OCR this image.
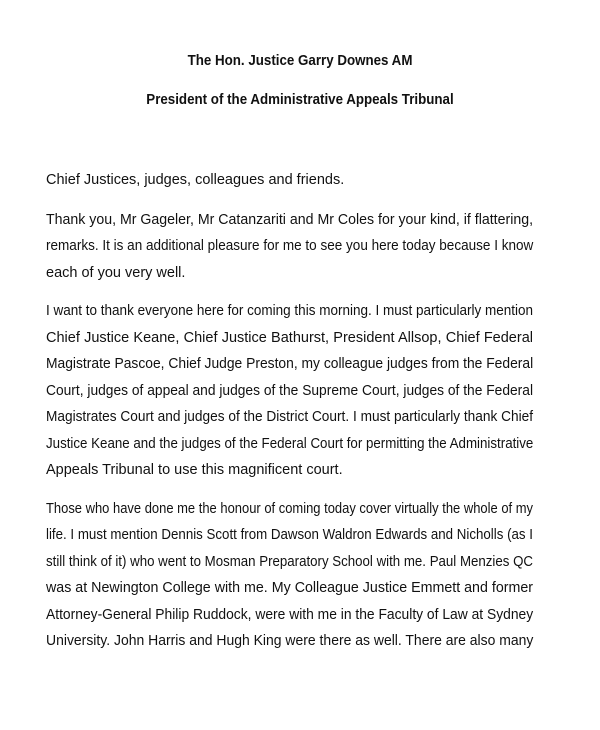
The Hon. Justice Garry Downes AM
President of the Administrative Appeals Tribunal
Chief Justices, judges, colleagues and friends.
Thank you, Mr Gageler, Mr Catanzariti and Mr Coles for your kind, if flattering,
remarks. It is an additional pleasure for me to see you here today because I know
each of you very well.
I want to thank everyone here for coming this morning. I must particularly mention
Chief Justice Keane, Chief Justice Bathurst, President Allsop, Chief Federal
Magistrate Pascoe, Chief Judge Preston, my colleague judges from the Federal
Court, judges of appeal and judges of the Supreme Court, judges of the Federal
Magistrates Court and judges of the District Court. I must particularly thank Chief
Justice Keane and the judges of the Federal Court for permitting the Administrative
Appeals Tribunal to use this magnificent court.
Those who have done me the honour of coming today cover virtually the whole of my
life. I must mention Dennis Scott from Dawson Waldron Edwards and Nicholls (as I
still think of it) who went to Mosman Preparatory School with me. Paul Menzies QC
was at Newington College with me. My Colleague Justice Emmett and former
Attorney-General Philip Ruddock, were with me in the Faculty of Law at Sydney
University. John Harris and Hugh King were there as well. There are also many
